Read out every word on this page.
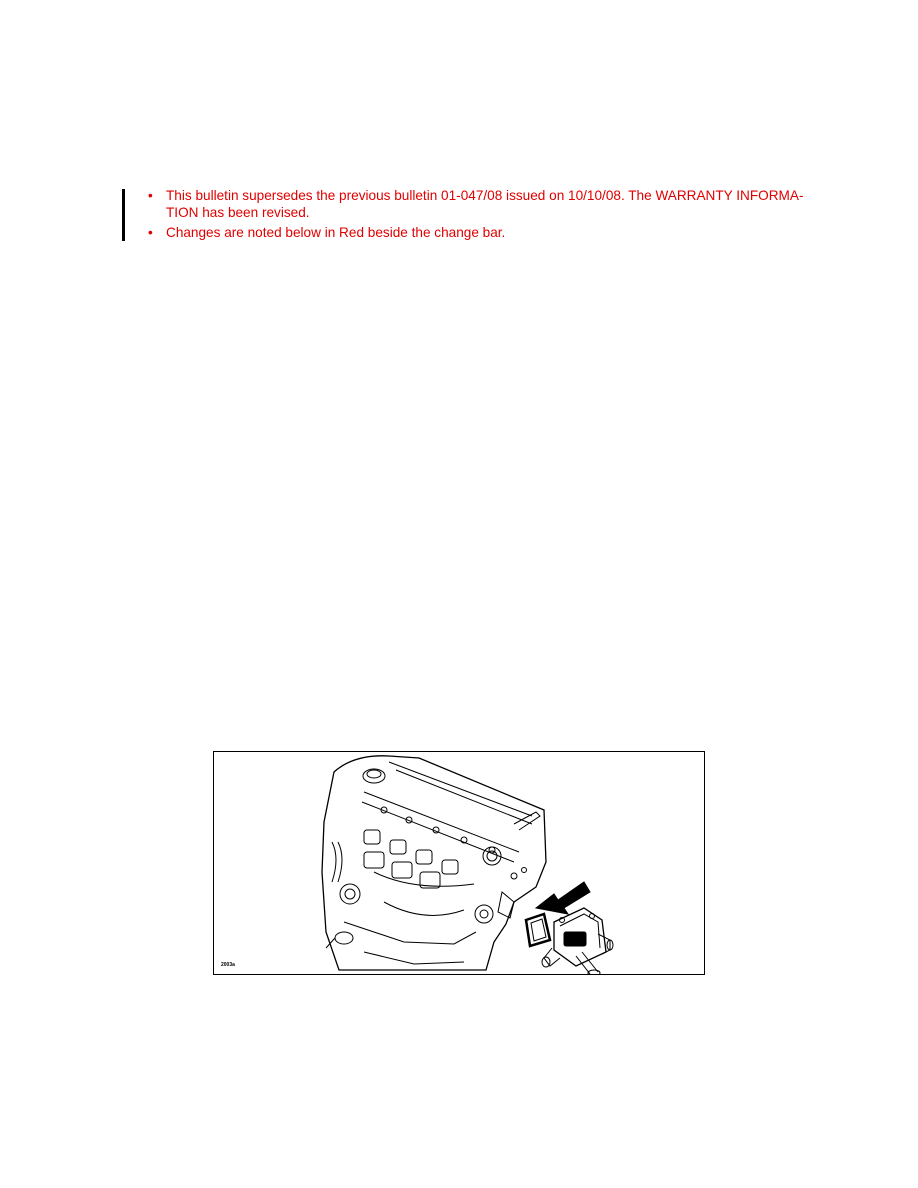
• This bulletin supersedes the previous bulletin 01-047/08 issued on 10/10/08. The WARRANTY INFORMA-TION has been revised.
• Changes are noted below in Red beside the change bar.
2003a
